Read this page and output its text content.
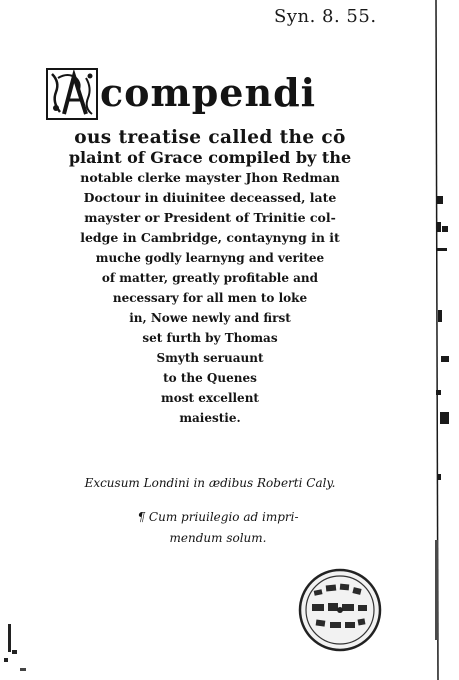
Syn. 8. 55.
compendi
ous treatise called the cō
plaint of Grace compiled by the
notable clerke mayster Jhon Redman
Doctour in diuinitee deceassed, late
mayster or President of Trinitie col-
ledge in Cambridge, contaynyng in it
muche godly learnyng and veritee
of matter, greatly profitable and
necessary for all men to loke
in, Nowe newly and first
set furth by Thomas
Smyth seruaunt
to the Quenes
most excellent
maiestie.
Excusum Londini in ædibus Roberti Caly.
¶ Cum priuilegio ad impri-
mendum solum.
